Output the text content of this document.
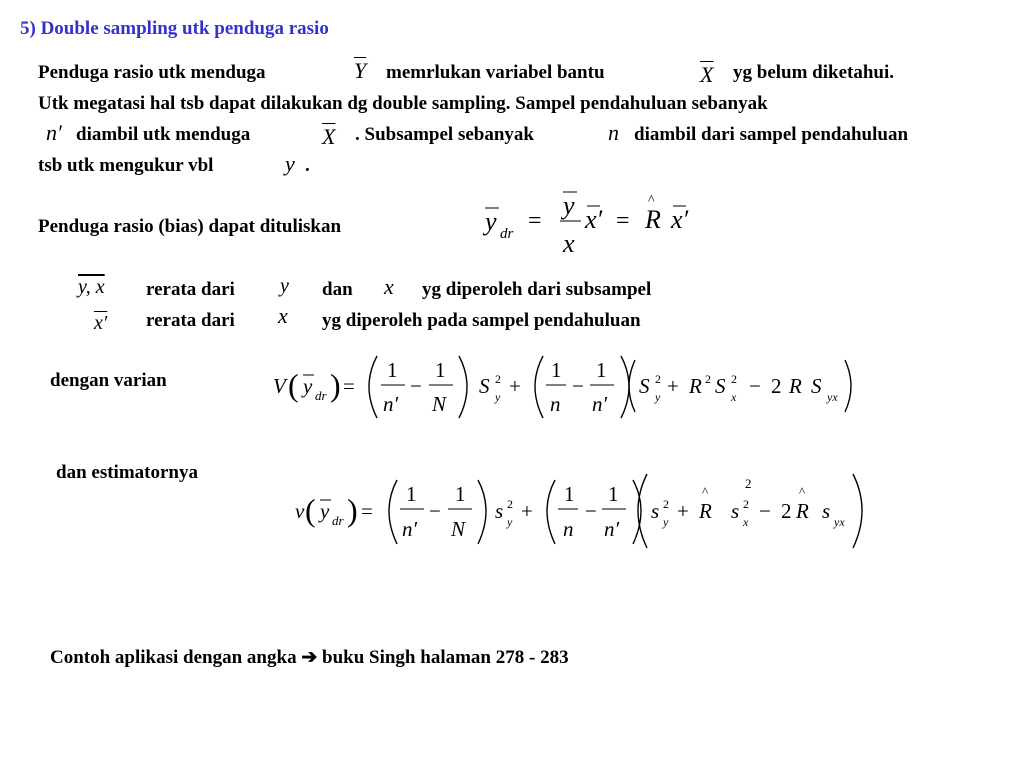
5) Double sampling utk penduga rasio
Penduga rasio utk menduga	$\overline{Y}$ memrlukan variabel bantu	$\overline{X}$ yg belum diketahui.
Utk megatasi hal tsb dapat dilakukan dg double sampling. Sampel pendahuluan sebanyak
n′ diambil utk menduga	$\overline{X}$ . Subsampel sebanyak	n diambil dari sampel pendahuluan
tsb utk mengukur vbl	y .
Penduga rasio (bias) dapat dituliskan	y dr =
y
x
x′ = R
^
x′
y, x rerata dari y dan x yg diperoleh dari subsampel
x′ rerata dari x yg diperoleh pada sampel pendahuluan
dengan varian	V ( y dr ) =
1
n′
−
1
N
S 2
y +
1
n
−
1
n′
S 2
y + R 2 S 2
x − 2 R S yx
dan estimatornya
v ( y dr ) =
1
n′
−
1
N
s 2
y +
1
n
−
1
n′
s 2
y + R
^
2
s 2
x − 2 R
^
s yx
Contoh aplikasi dengan angka ➔ buku Singh halaman 278 - 283
